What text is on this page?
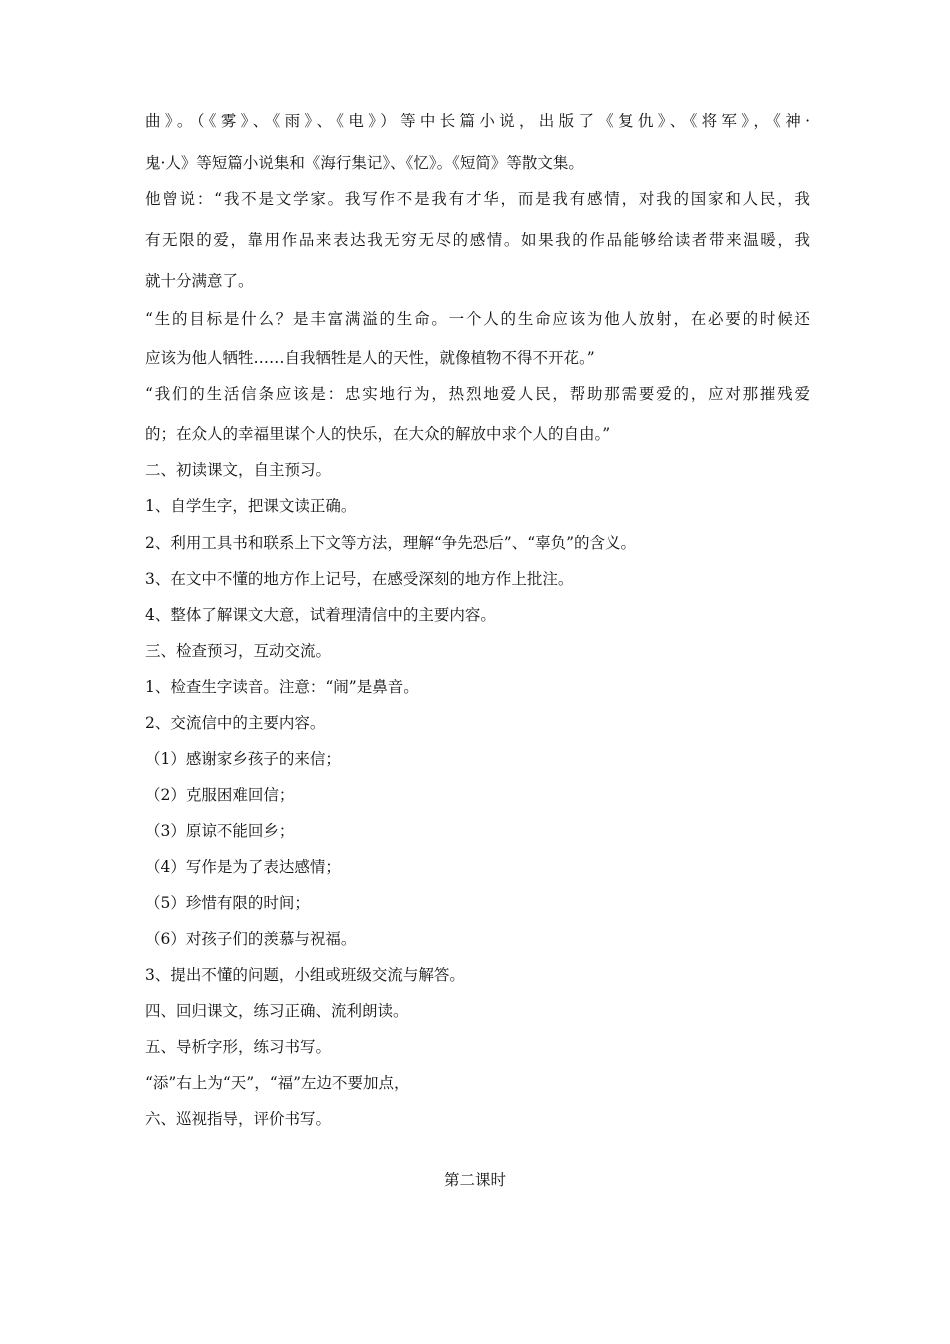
曲》。（《雾》、《雨》、《电》）等中长篇小说，出版了《复仇》、《将军》，《神·
鬼·人》等短篇小说集和《海行集记》、《忆》。《短简》等散文集。
他曾说：“我不是文学家。我写作不是我有才华，而是我有感情，对我的国家和人民，我
有无限的爱，靠用作品来表达我无穷无尽的感情。如果我的作品能够给读者带来温暖，我
就十分满意了。
“生的目标是什么？是丰富满溢的生命。一个人的生命应该为他人放射，在必要的时候还
应该为他人牺牲……自我牺牲是人的天性，就像植物不得不开花。”
“我们的生活信条应该是：忠实地行为，热烈地爱人民，帮助那需要爱的，应对那摧残爱
的；在众人的幸福里谋个人的快乐，在大众的解放中求个人的自由。”
二、初读课文，自主预习。
1、自学生字，把课文读正确。
2、利用工具书和联系上下文等方法，理解“争先恐后”、“辜负”的含义。
3、在文中不懂的地方作上记号，在感受深刻的地方作上批注。
4、整体了解课文大意，试着理清信中的主要内容。
三、检查预习，互动交流。
1、检查生字读音。注意：“闹”是鼻音。
2、交流信中的主要内容。
（1）感谢家乡孩子的来信；
（2）克服困难回信；
（3）原谅不能回乡；
（4）写作是为了表达感情；
（5）珍惜有限的时间；
（6）对孩子们的羡慕与祝福。
3、提出不懂的问题，小组或班级交流与解答。
四、回归课文，练习正确、流利朗读。
五、导析字形，练习书写。
“添”右上为“天”，“福”左边不要加点，
六、巡视指导，评价书写。
第二课时
